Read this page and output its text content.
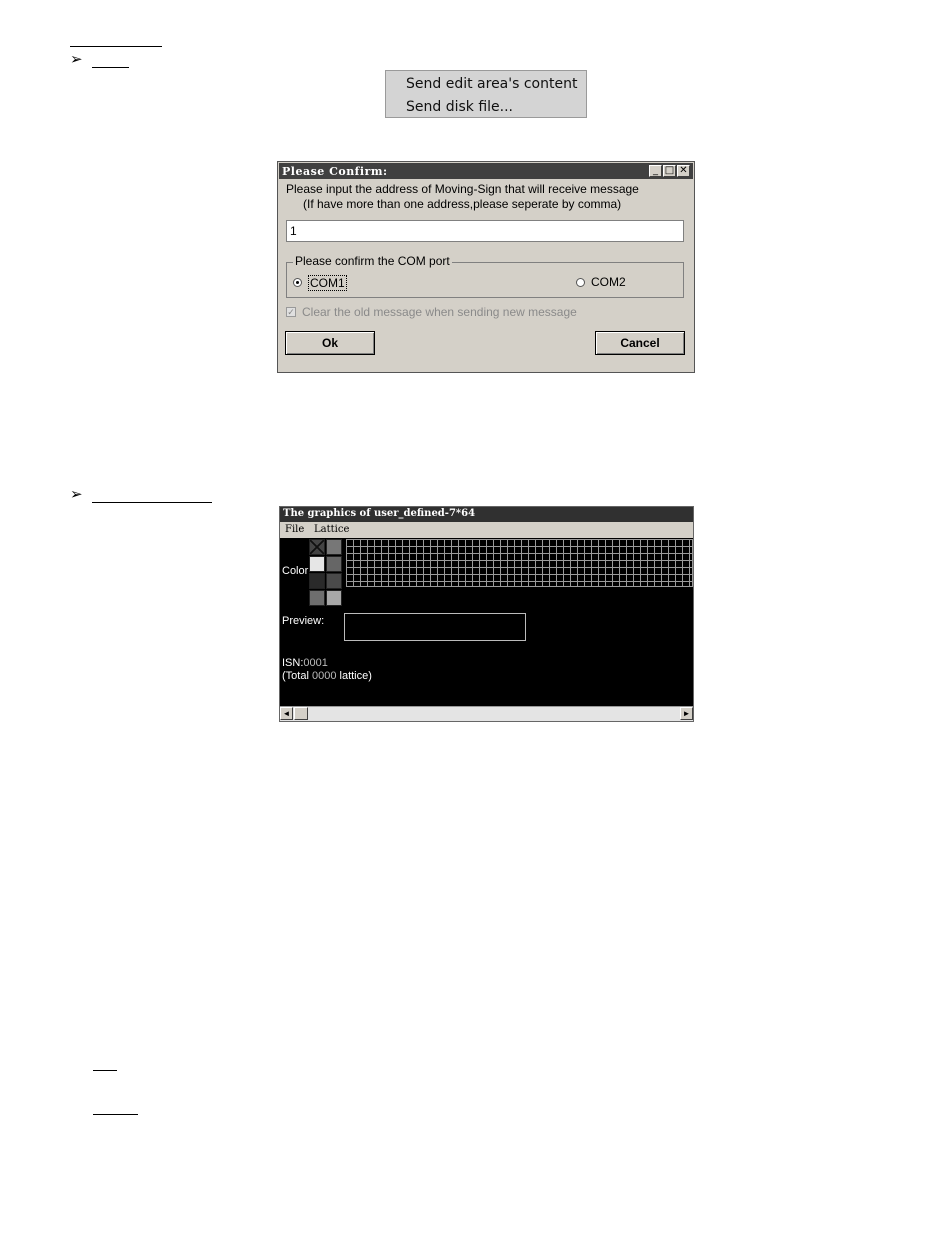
➢
Send edit area's content
Send disk file...
Please Confirm:	_ □ ✕
Please input the address of Moving-Sign that will receive message
(If have more than one address,please seperate by comma)
1
Please confirm the COM port
COM1	COM2
✓ Clear the old message when sending new message
Ok	Cancel
➢
The graphics of user_defined-7*64
File Lattice
Color
Preview:
ISN:0001
(Total 0000 lattice)
◄	►
